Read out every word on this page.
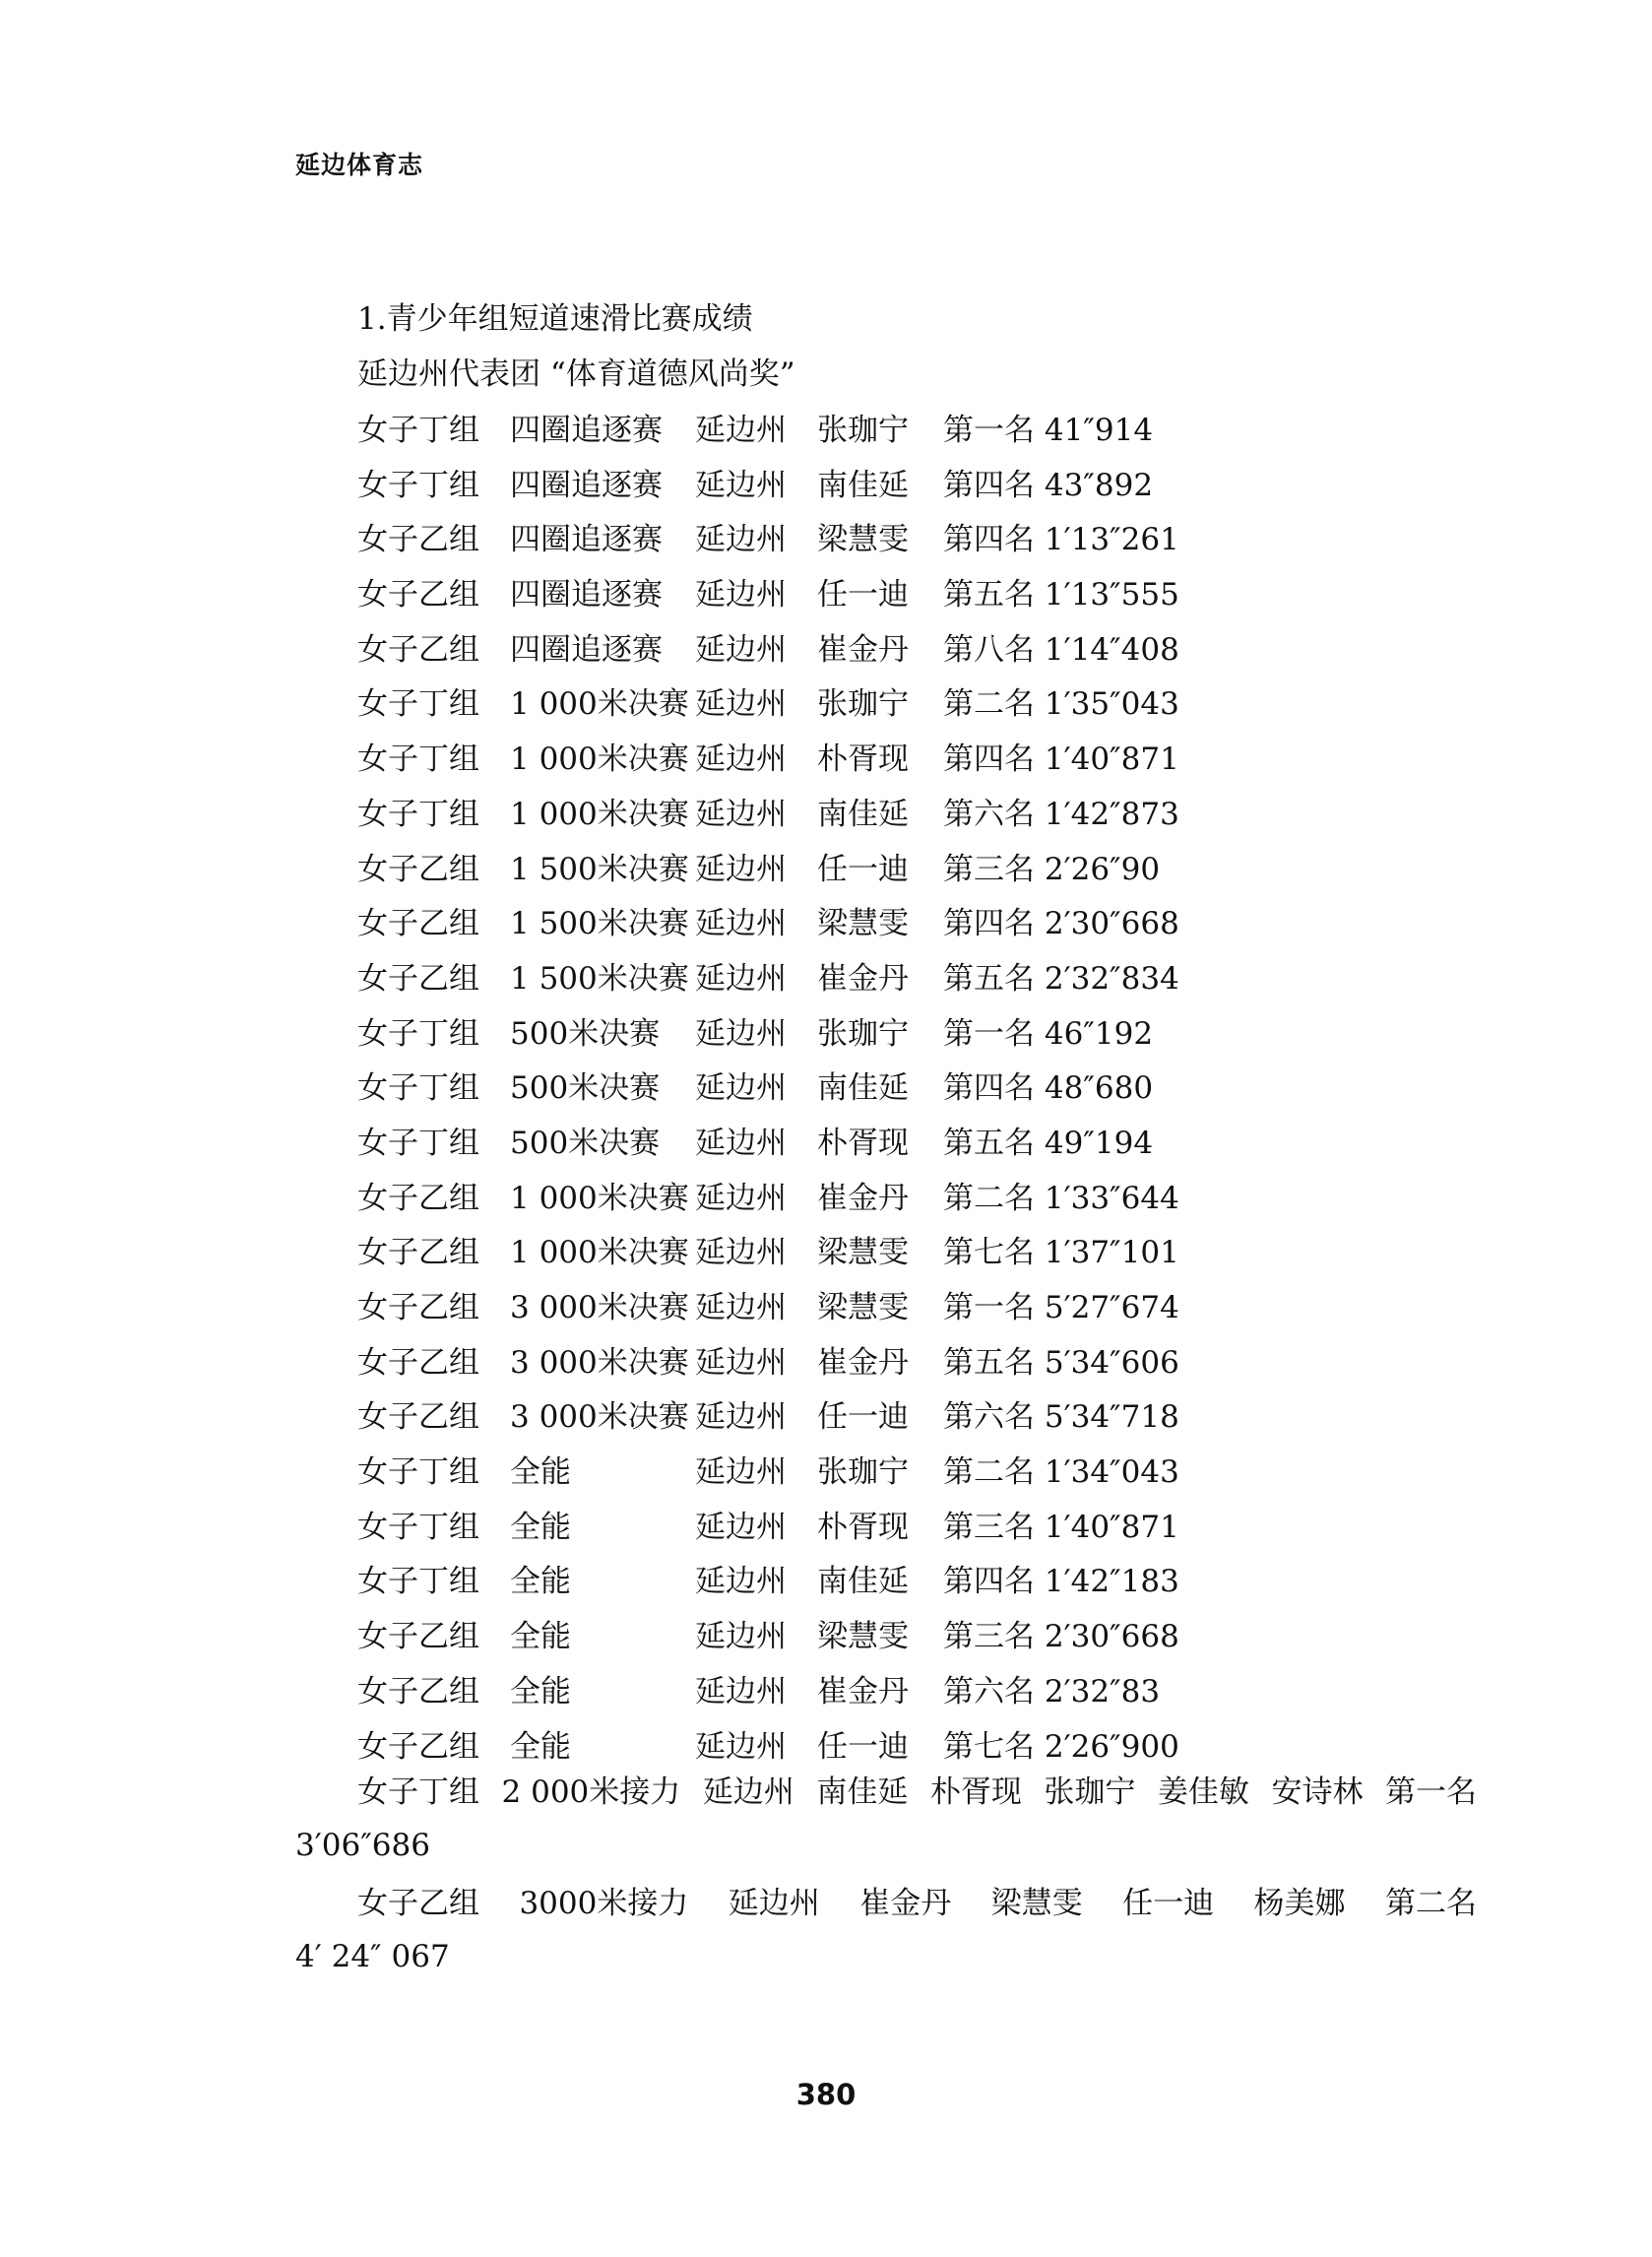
延边体育志
1.青少年组短道速滑比赛成绩
延边州代表团 “体育道德风尚奖”
女子丁组 四圈追逐赛 延边州 张珈宁 第一名 41″914
女子丁组 四圈追逐赛 延边州 南佳延 第四名 43″892
女子乙组 四圈追逐赛 延边州 梁慧雯 第四名 1′13″261
女子乙组 四圈追逐赛 延边州 任一迪 第五名 1′13″555
女子乙组 四圈追逐赛 延边州 崔金丹 第八名 1′14″408
女子丁组 1 000米决赛 延边州 张珈宁 第二名 1′35″043
女子丁组 1 000米决赛 延边州 朴胥现 第四名 1′40″871
女子丁组 1 000米决赛 延边州 南佳延 第六名 1′42″873
女子乙组 1 500米决赛 延边州 任一迪 第三名 2′26″90
女子乙组 1 500米决赛 延边州 梁慧雯 第四名 2′30″668
女子乙组 1 500米决赛 延边州 崔金丹 第五名 2′32″834
女子丁组 500米决赛 延边州 张珈宁 第一名 46″192
女子丁组 500米决赛 延边州 南佳延 第四名 48″680
女子丁组 500米决赛 延边州 朴胥现 第五名 49″194
女子乙组 1 000米决赛 延边州 崔金丹 第二名 1′33″644
女子乙组 1 000米决赛 延边州 梁慧雯 第七名 1′37″101
女子乙组 3 000米决赛 延边州 梁慧雯 第一名 5′27″674
女子乙组 3 000米决赛 延边州 崔金丹 第五名 5′34″606
女子乙组 3 000米决赛 延边州 任一迪 第六名 5′34″718
女子丁组 全能	延边州 张珈宁 第二名 1′34″043
女子丁组 全能	延边州 朴胥现 第三名 1′40″871
女子丁组 全能	延边州 南佳延 第四名 1′42″183
女子乙组 全能	延边州 梁慧雯 第三名 2′30″668
女子乙组 全能	延边州 崔金丹 第六名 2′32″83
女子乙组 全能	延边州 任一迪 第七名 2′26″900
女子丁组 2 000米接力 延边州 南佳延 朴胥现 张珈宁 姜佳敏 安诗林 第一名
3′06″686
女子乙组 3000米接力 延边州 崔金丹 梁慧雯 任一迪 杨美娜 第二名
4′ 24″ 067
380
